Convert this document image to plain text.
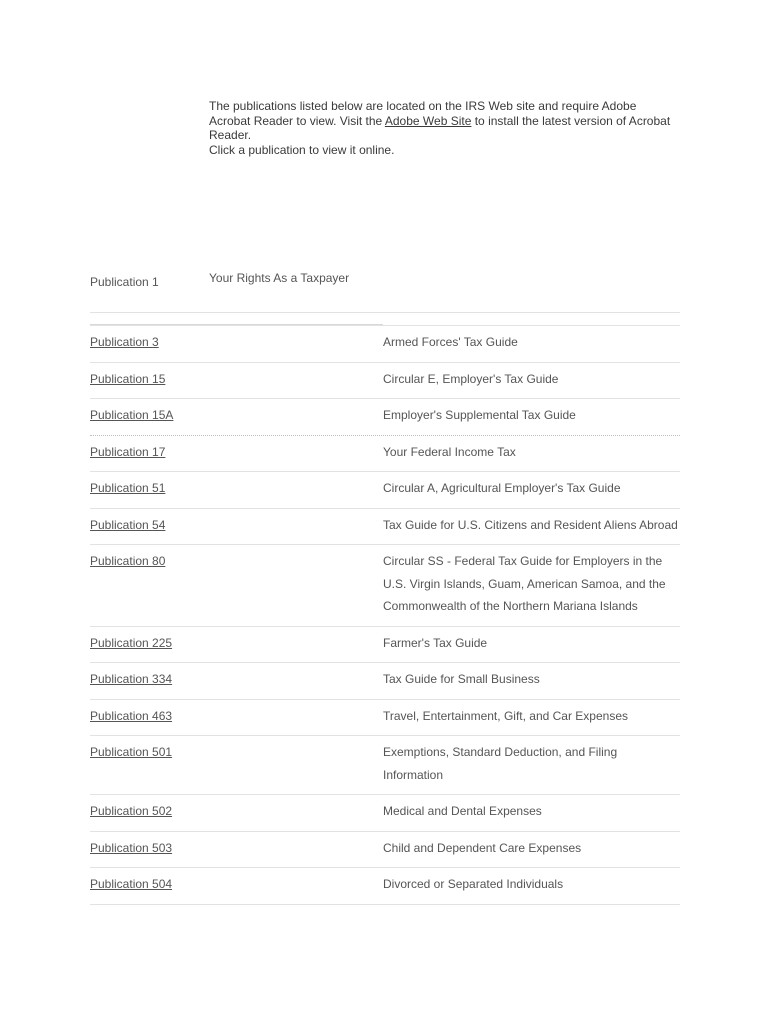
The publications listed below are located on the IRS Web site and require Adobe Acrobat Reader to view. Visit the Adobe Web Site to install the latest version of Acrobat Reader.
Click a publication to view it online.
Publication 1	Your Rights As a Taxpayer
Publication 3	Armed Forces' Tax Guide
Publication 15	Circular E, Employer's Tax Guide
Publication 15A	Employer's Supplemental Tax Guide
Publication 17	Your Federal Income Tax
Publication 51	Circular A, Agricultural Employer's Tax Guide
Publication 54	Tax Guide for U.S. Citizens and Resident Aliens Abroad
Publication 80	Circular SS - Federal Tax Guide for Employers in the U.S. Virgin Islands, Guam, American Samoa, and the Commonwealth of the Northern Mariana Islands
Publication 225	Farmer's Tax Guide
Publication 334	Tax Guide for Small Business
Publication 463	Travel, Entertainment, Gift, and Car Expenses
Publication 501	Exemptions, Standard Deduction, and Filing Information
Publication 502	Medical and Dental Expenses
Publication 503	Child and Dependent Care Expenses
Publication 504	Divorced or Separated Individuals
